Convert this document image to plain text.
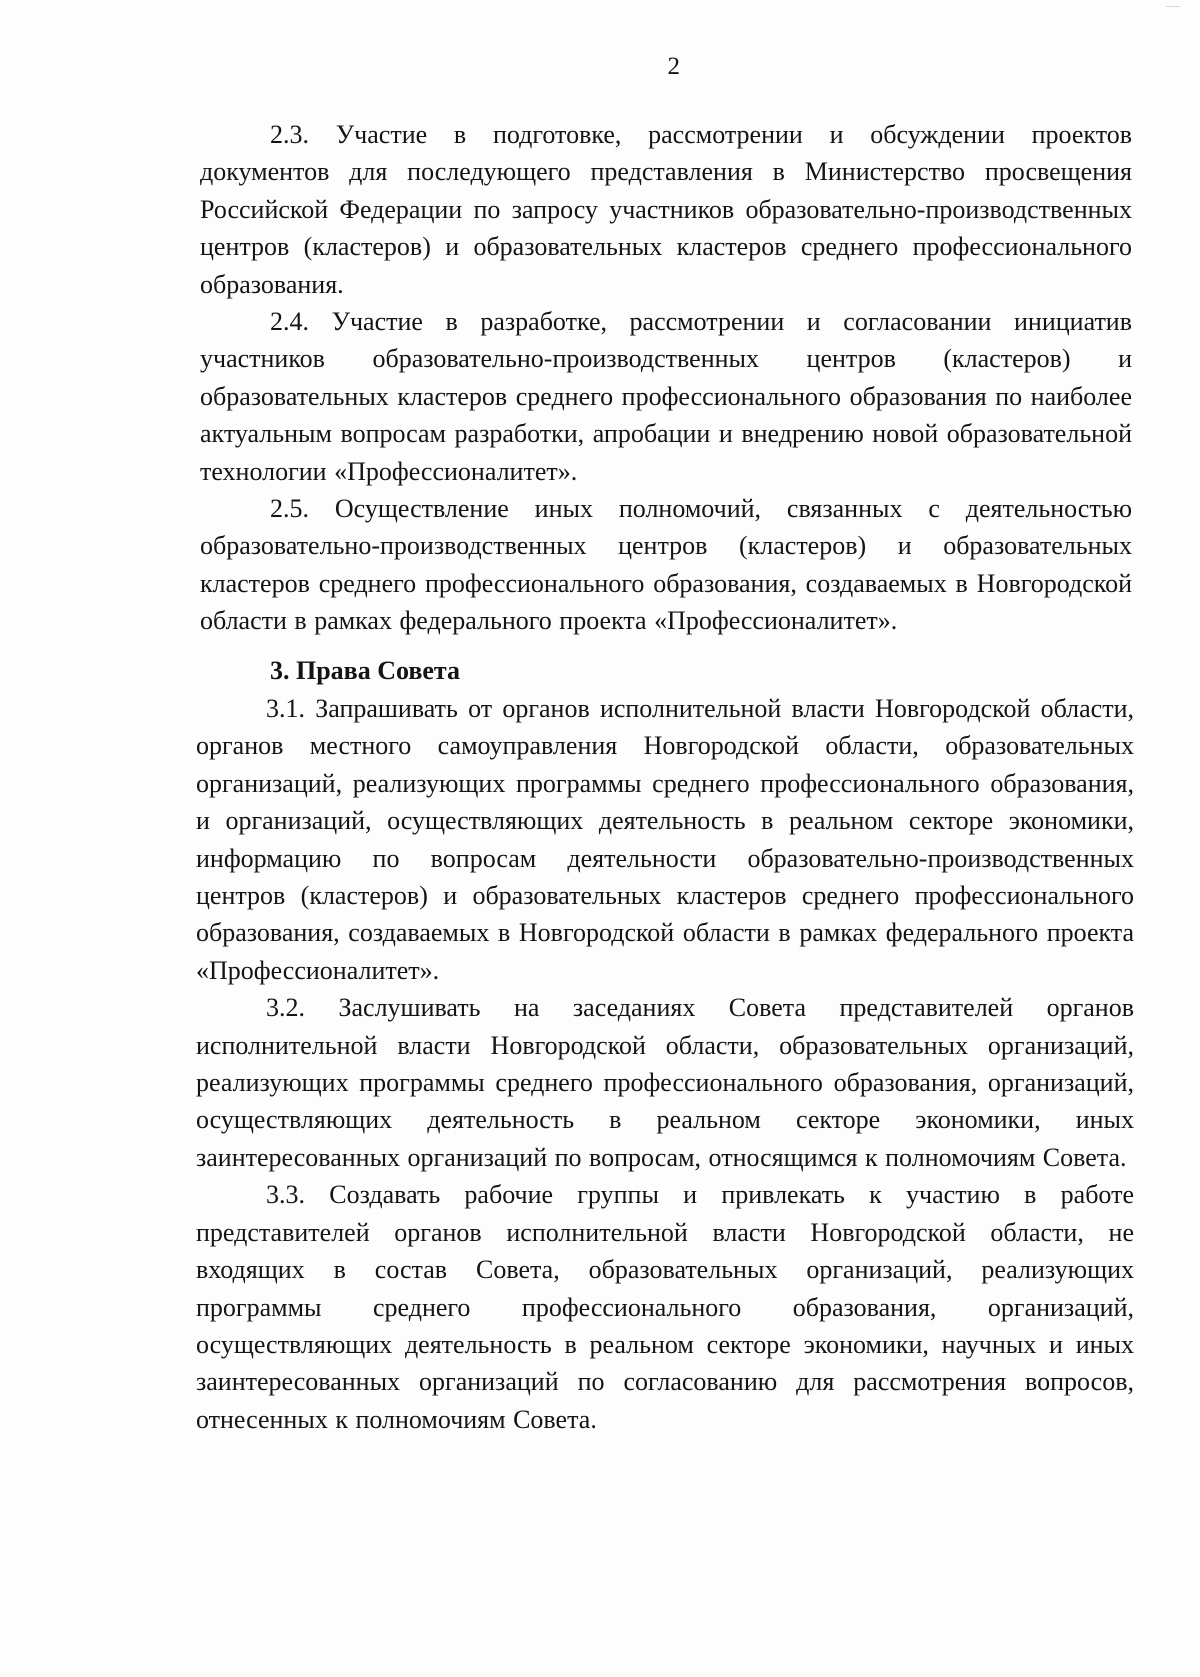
2

2.3. Участие в подготовке, рассмотрении и обсуждении проектов документов для последующего представления в Министерство просвещения Российской Федерации по запросу участников образовательно-производственных центров (кластеров) и образовательных кластеров среднего профессионального образования.

2.4. Участие в разработке, рассмотрении и согласовании инициатив участников образовательно-производственных центров (кластеров) и образовательных кластеров среднего профессионального образования по наиболее актуальным вопросам разработки, апробации и внедрению новой образовательной технологии «Профессионалитет».

2.5. Осуществление иных полномочий, связанных с деятельностью образовательно-производственных центров (кластеров) и образовательных кластеров среднего профессионального образования, создаваемых в Новгородской области в рамках федерального проекта «Профессионалитет».

3. Права Совета

3.1. Запрашивать от органов исполнительной власти Новгородской области, органов местного самоуправления Новгородской области, образовательных организаций, реализующих программы среднего профессионального образования, и организаций, осуществляющих деятельность в реальном секторе экономики, информацию по вопросам деятельности образовательно-производственных центров (кластеров) и образовательных кластеров среднего профессионального образования, создаваемых в Новгородской области в рамках федерального проекта «Профессионалитет».

3.2. Заслушивать на заседаниях Совета представителей органов исполнительной власти Новгородской области, образовательных организаций, реализующих программы среднего профессионального образования, организаций, осуществляющих деятельность в реальном секторе экономики, иных заинтересованных организаций по вопросам, относящимся к полномочиям Совета.

3.3. Создавать рабочие группы и привлекать к участию в работе представителей органов исполнительной власти Новгородской области, не входящих в состав Совета, образовательных организаций, реализующих программы среднего профессионального образования, организаций, осуществляющих деятельность в реальном секторе экономики, научных и иных заинтересованных организаций по согласованию для рассмотрения вопросов, отнесенных к полномочиям Совета.
